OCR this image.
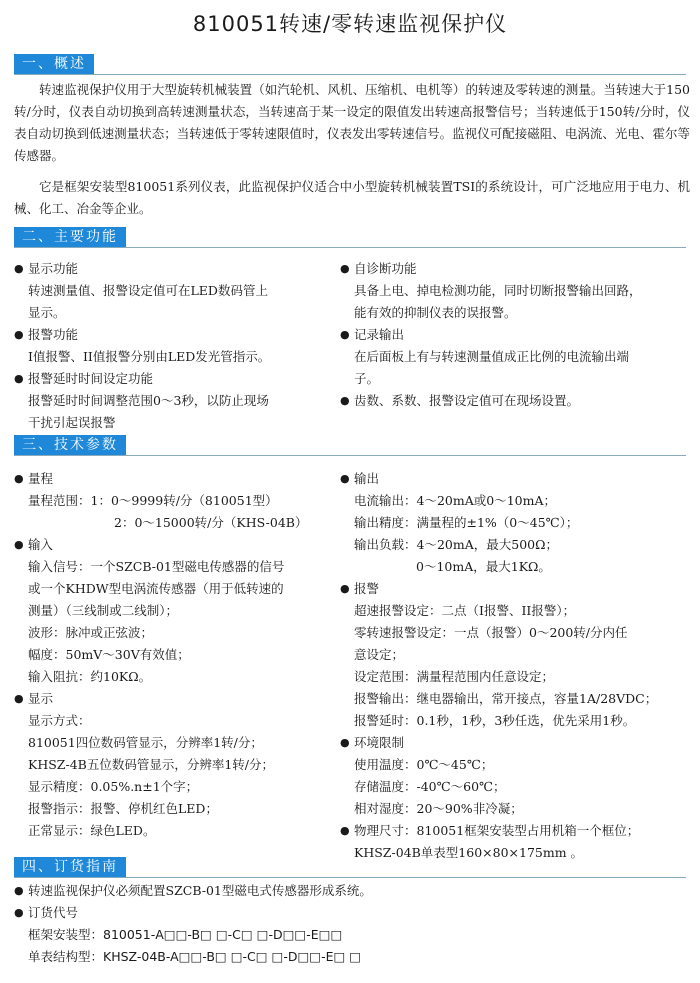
810051转速/零转速监视保护仪
一、概述
转速监视保护仪用于大型旋转机械装置（如汽轮机、风机、压缩机、电机等）的转速及零转速的测量。当转速大于150转/分时，仪表自动切换到高转速测量状态，当转速高于某一设定的限值发出转速高报警信号；当转速低于150转/分时，仪表自动切换到低速测量状态；当转速低于零转速限值时，仪表发出零转速信号。监视仪可配接磁阻、电涡流、光电、霍尔等传感器。
它是框架安装型810051系列仪表，此监视保护仪适合中小型旋转机械装置TSI的系统设计，可广泛地应用于电力、机械、化工、冶金等企业。
二、主要功能
● 显示功能
转速测量值、报警设定值可在LED数码管上
显示。
● 报警功能
I值报警、II值报警分别由LED发光管指示。
● 报警延时时间设定功能
报警延时时间调整范围0～3秒，以防止现场
干扰引起误报警
● 自诊断功能
具备上电、掉电检测功能，同时切断报警输出回路，
能有效的抑制仪表的误报警。
● 记录输出
在后面板上有与转速测量值成正比例的电流输出端
子。
● 齿数、系数、报警设定值可在现场设置。
三、技术参数
● 量程
量程范围：1：0～9999转/分（810051型）
2：0～15000转/分（KHS-04B）
● 输入
输入信号：一个SZCB-01型磁电传感器的信号
或一个KHDW型电涡流传感器（用于低转速的
测量）（三线制或二线制）；
波形：脉冲或正弦波；
幅度：50mV～30V有效值；
输入阻抗：约10KΩ。
● 显示
显示方式：
810051四位数码管显示，分辨率1转/分；
KHSZ-4B五位数码管显示，分辨率1转/分；
显示精度：0.05%.n±1个字；
报警指示：报警、停机红色LED；
正常显示：绿色LED。
● 输出
电流输出：4～20mA或0～10mA；
输出精度：满量程的±1%（0～45℃）；
输出负载：4～20mA，最大500Ω；
0～10mA，最大1KΩ。
● 报警
超速报警设定：二点（I报警、II报警）；
零转速报警设定：一点（报警）0～200转/分内任
意设定；
设定范围：满量程范围内任意设定；
报警输出：继电器输出，常开接点，容量1A/28VDC；
报警延时：0.1秒，1秒，3秒任选，优先采用1秒。
● 环境限制
使用温度：0℃～45℃；
存储温度：-40℃～60℃；
相对湿度：20～90%非冷凝；
● 物理尺寸：810051框架安装型占用机箱一个框位；
KHSZ-04B单表型160×80×175mm 。
四、订货指南
● 转速监视保护仪必须配置SZCB-01型磁电式传感器形成系统。
● 订货代号
框架安装型：810051-A□□-B□ □-C□ □-D□□-E□□
单表结构型：KHSZ-04B-A□□-B□ □-C□ □-D□□-E□ □
